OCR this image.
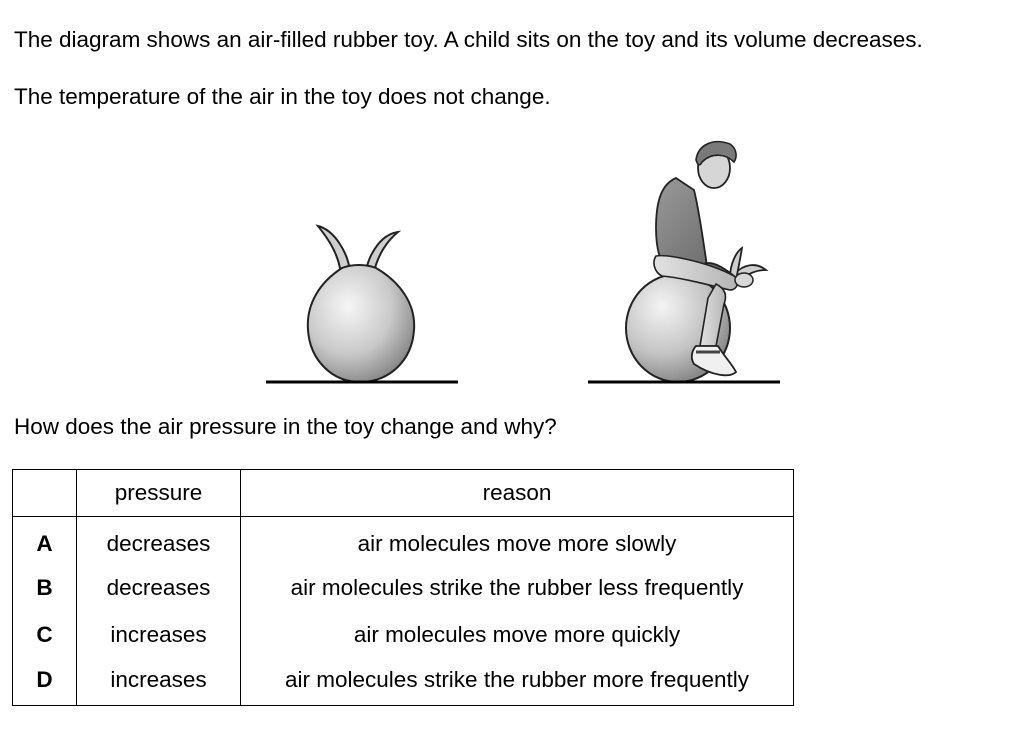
The diagram shows an air-filled rubber toy. A child sits on the toy and its volume decreases.

The temperature of the air in the toy does not change.

How does the air pressure in the toy change and why?

	pressure	reason
A	decreases	air molecules move more slowly
B	decreases	air molecules strike the rubber less frequently
C	increases	air molecules move more quickly
D	increases	air molecules strike the rubber more frequently
